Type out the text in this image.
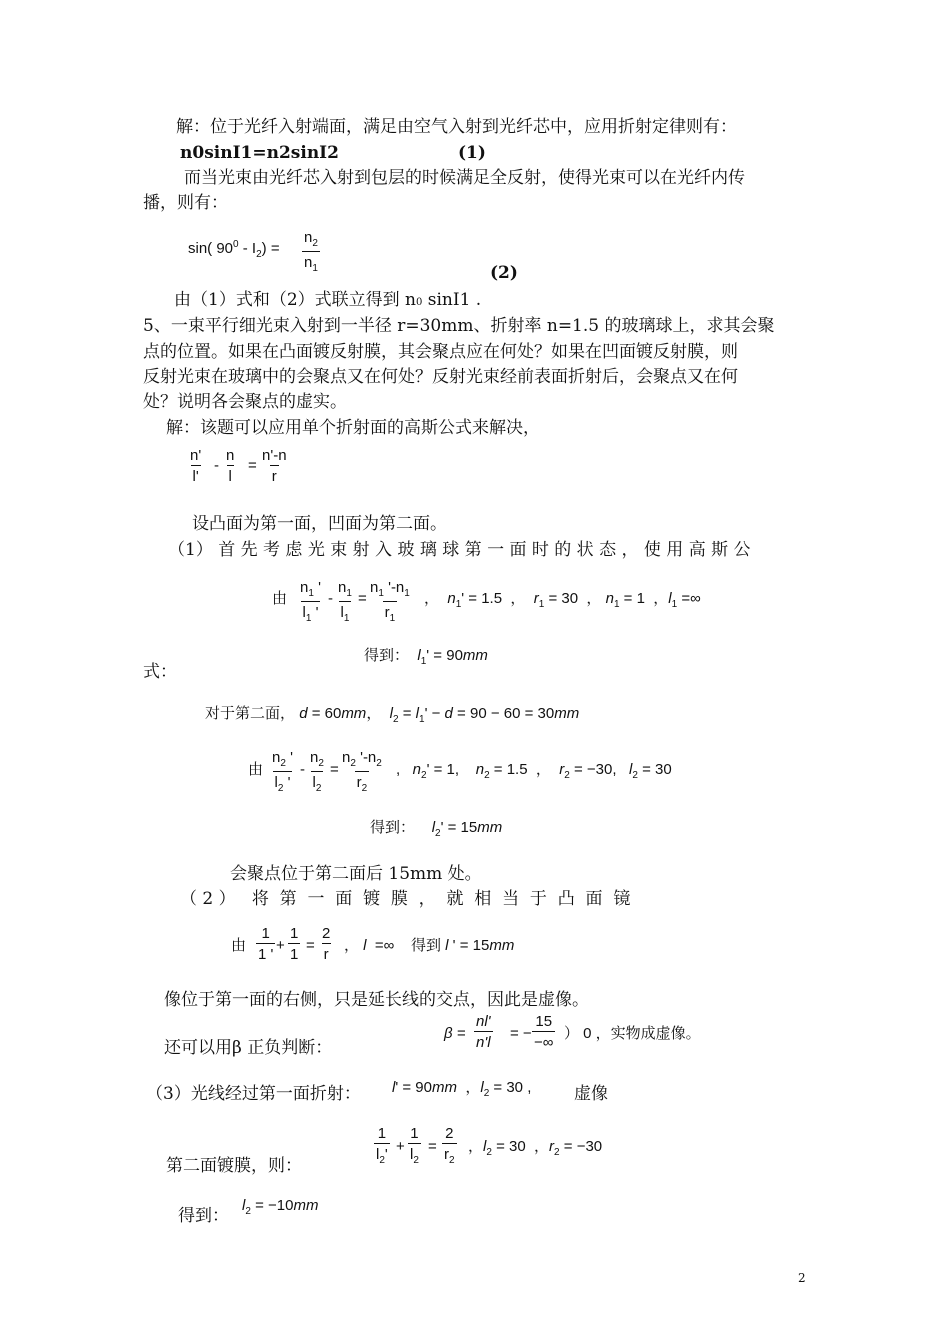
解：位于光纤入射端面，满足由空气入射到光纤芯中，应用折射定律则有：
n0sinI1=n2sinI2	(1)
而当光束由光纤芯入射到包层的时候满足全反射，使得光束可以在光纤内传
播，则有：
sin( $90^0 - I_2$) =
$n_2$
$n_1$	(2)
由（1）式和（2）式联立得到 n0 sinI1 .
5、一束平行细光束入射到一半径 r=30mm、折射率 n=1.5 的玻璃球上，求其会聚
点的位置。如果在凸面镀反射膜，其会聚点应在何处？如果在凹面镀反射膜，则
反射光束在玻璃中的会聚点又在何处？反射光束经前表面折射后，会聚点又在何
处？说明各会聚点的虚实。
解：该题可以应用单个折射面的高斯公式来解决，
n'
l'
-
n
l
=
n'-n
r
设凸面为第一面，凹面为第二面。
（1） 首 先 考 虑 光 束 射 入 玻 璃 球 第 一 面 时 的 状 态 ， 使 用 高 斯 公
由
$n_1$ '
$l_1$ '
-
$n_1$
$l_1$
=
$n_1$ '$-n_1$
$r_1$
，  $n_1' = 1.5$  ，  $r_1 = 30$  ， $n_1 = 1$  ，$l_1$ =∞
得到： $l_1' = 90mm$
式：
对于第二面， d = 60mm，  $l_2 = l_1' - d = 90 - 60 = 30mm$
由
$n_2$ '
$l_2$ '
-
$n_2$
$l_2$
=
$n_2$ '$-n_2$
$r_2$
,   $n_2' = 1$,    $n_2 = 1.5$  ，  $r_2 = -30$,   $l_2 = 30$
得到： $l_2' = 15mm$
会聚点位于第二面后 15mm 处。
（ 2 ）   将  第  一  面  镀  膜  ，  就  相  当  于  凸  面  镜
由
1
1 '
+
1
1
=
2
r
， l  =∞    得到 l ' = 15mm
像位于第一面的右侧，只是延长线的交点，因此是虚像。
还可以用β 正负判断：
β =
nl'
n'l
= −
15
−∞
） 0 ，实物成虚像。
（3）光线经过第一面折射： l' = 90mm  ，$l_2 = 30$ ,	虚像
第二面镀膜，则：
1
$l_2'$ +
1
$l_2$
=
2
$r_2$
，$l_2 = 30$  ，$r_2 = -30$
得到：
$l_2 = -10mm$
2
